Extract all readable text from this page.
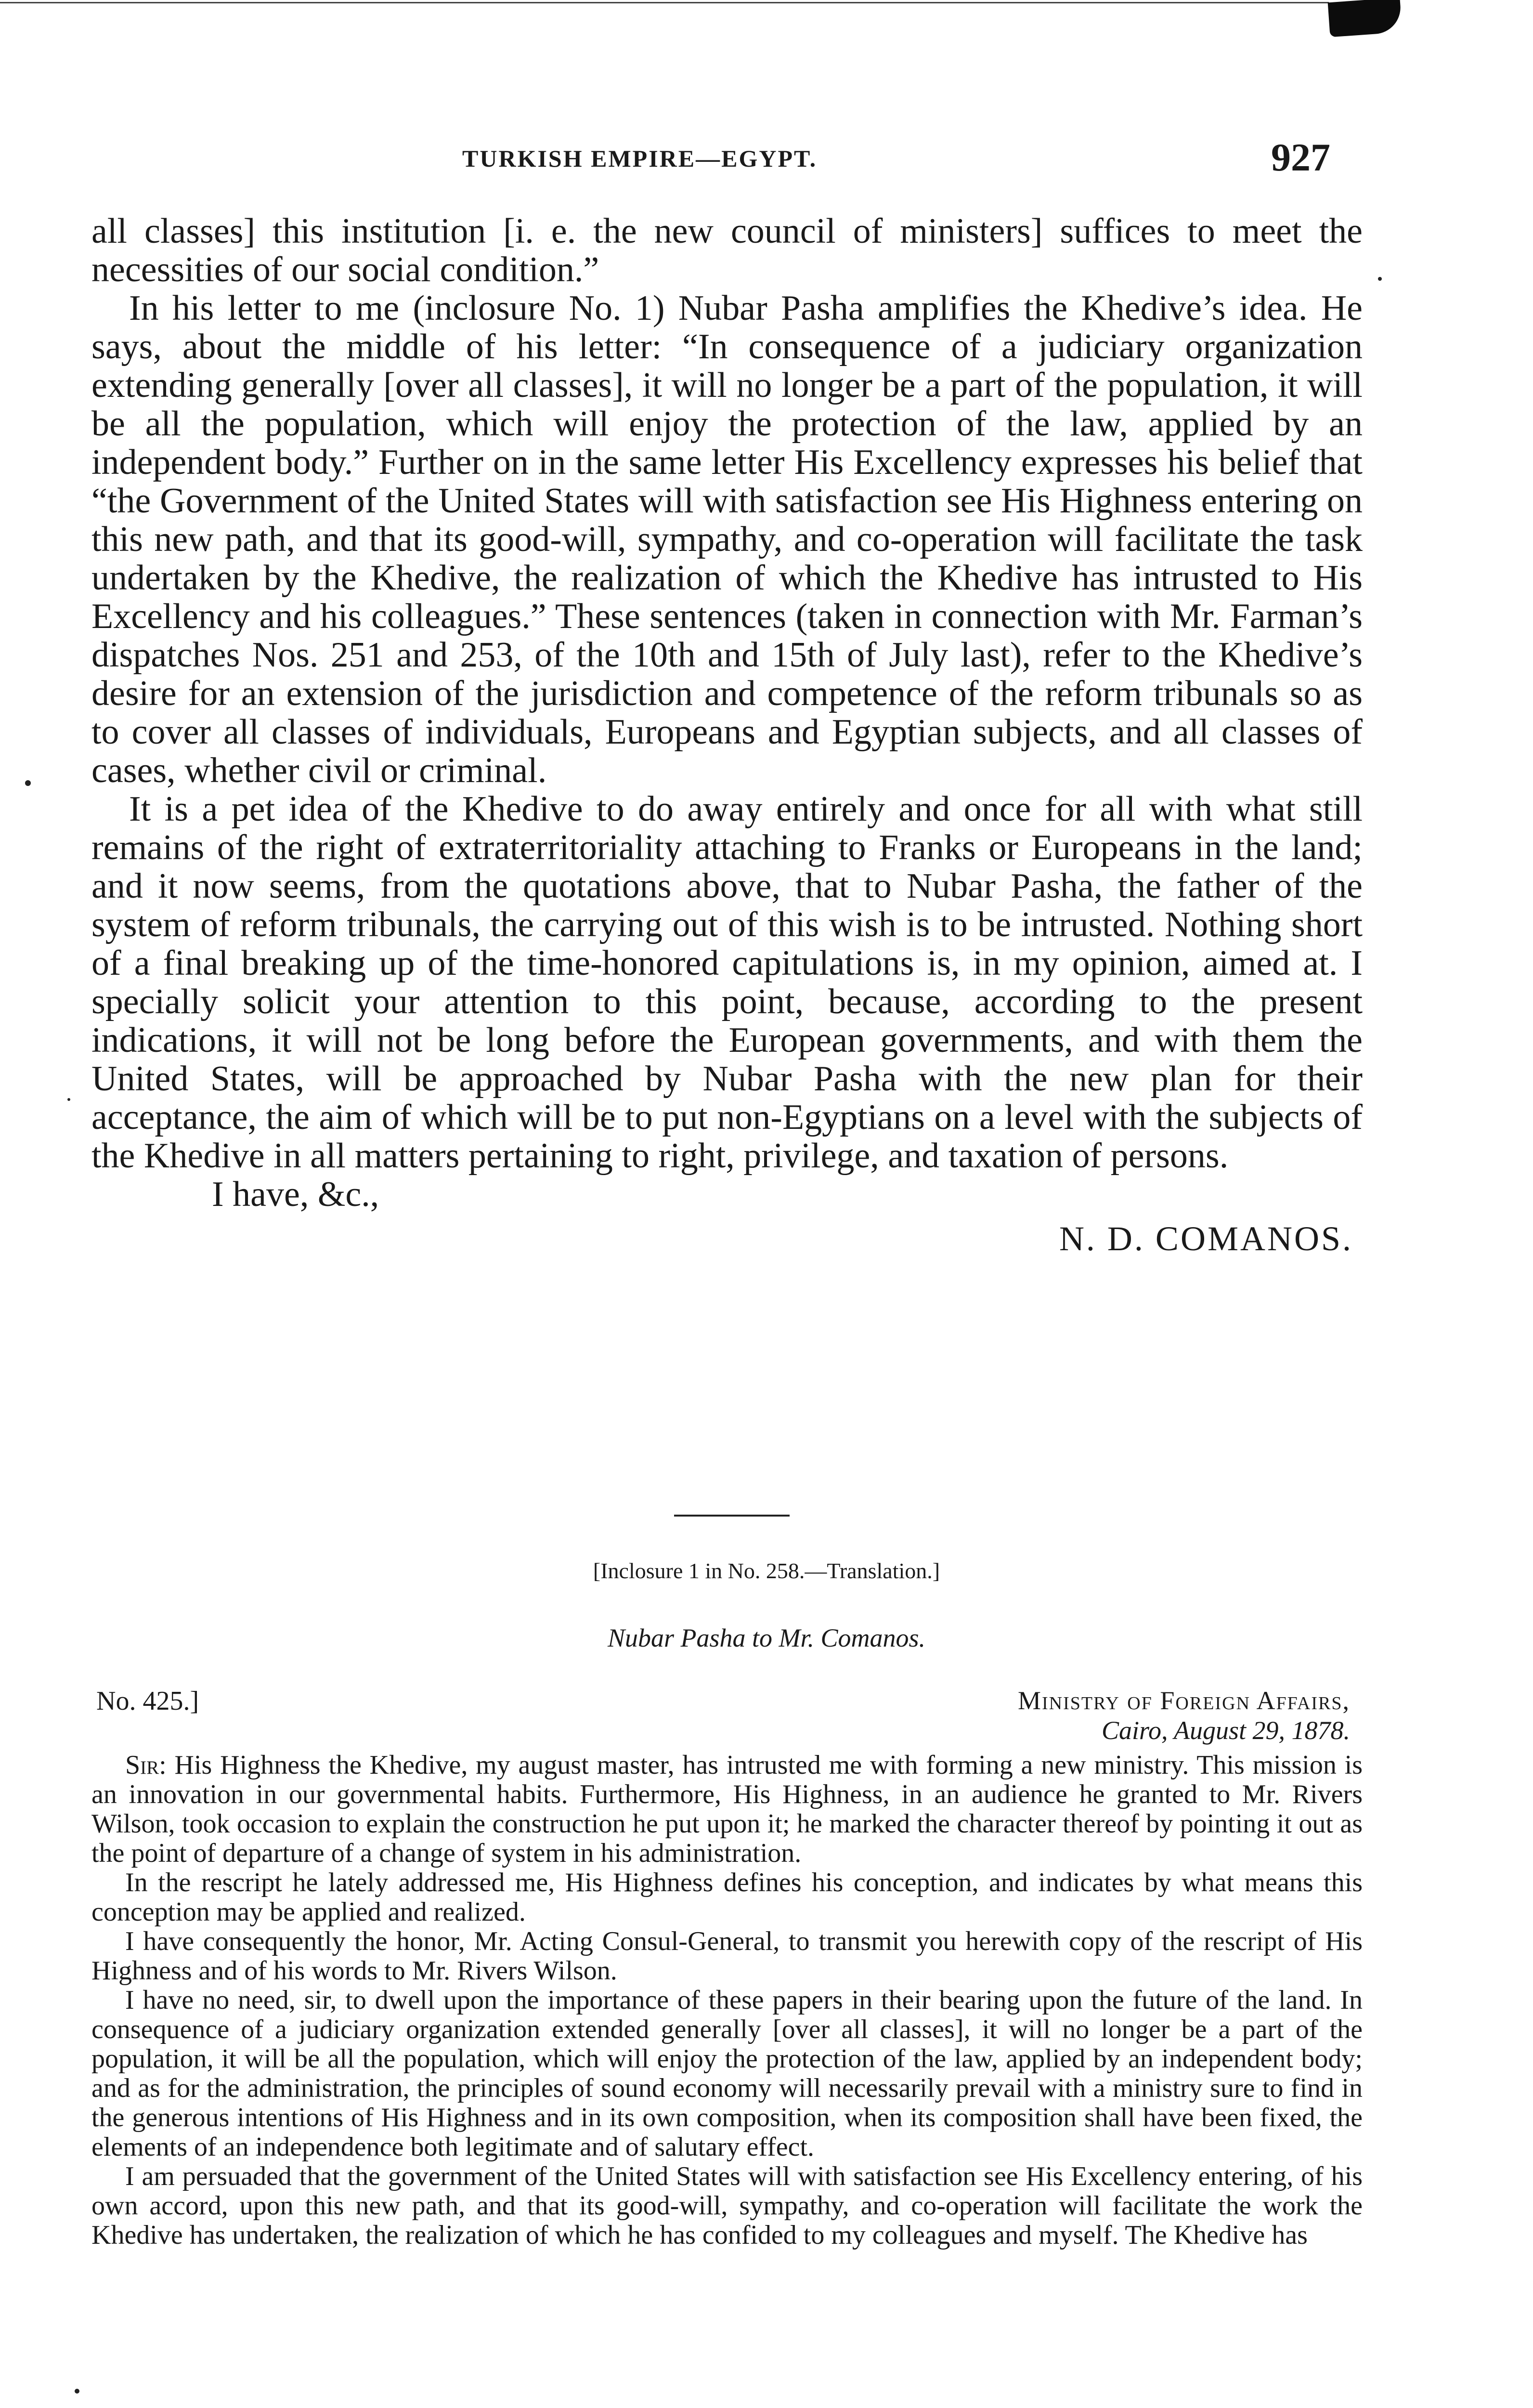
TURKISH EMPIRE—EGYPT.	927

all classes] this institution [i. e. the new council of ministers] suffices to meet the necessities of our social condition.”

In his letter to me (inclosure No. 1) Nubar Pasha amplifies the Khedive’s idea. He says, about the middle of his letter: “In consequence of a judiciary organization extending generally [over all classes], it will no longer be a part of the population, it will be all the population, which will enjoy the protection of the law, applied by an independent body.” Further on in the same letter His Excellency expresses his belief that “the Government of the United States will with satisfaction see His Highness entering on this new path, and that its good-will, sympathy, and co-operation will facilitate the task undertaken by the Khedive, the realization of which the Khedive has intrusted to His Excellency and his colleagues.” These sentences (taken in connection with Mr. Farman’s dispatches Nos. 251 and 253, of the 10th and 15th of July last), refer to the Khedive’s desire for an extension of the jurisdiction and competence of the reform tribunals so as to cover all classes of individuals, Europeans and Egyptian subjects, and all classes of cases, whether civil or criminal.

It is a pet idea of the Khedive to do away entirely and once for all with what still remains of the right of extraterritoriality attaching to Franks or Europeans in the land; and it now seems, from the quotations above, that to Nubar Pasha, the father of the system of reform tribunals, the carrying out of this wish is to be intrusted. Nothing short of a final breaking up of the time-honored capitulations is, in my opinion, aimed at. I specially solicit your attention to this point, because, according to the present indications, it will not be long before the European governments, and with them the United States, will be approached by Nubar Pasha with the new plan for their acceptance, the aim of which will be to put non-Egyptians on a level with the subjects of the Khedive in all matters pertaining to right, privilege, and taxation of persons.

I have, &c.,

N. D. COMANOS.
[Inclosure 1 in No. 258.—Translation.]
Nubar Pasha to Mr. Comanos.
No. 425.]	Ministry of Foreign Affairs,
Cairo, August 29, 1878.

Sir: His Highness the Khedive, my august master, has intrusted me with forming a new ministry. This mission is an innovation in our governmental habits. Furthermore, His Highness, in an audience he granted to Mr. Rivers Wilson, took occasion to explain the construction he put upon it; he marked the character thereof by pointing it out as the point of departure of a change of system in his administration.

In the rescript he lately addressed me, His Highness defines his conception, and indicates by what means this conception may be applied and realized.

I have consequently the honor, Mr. Acting Consul-General, to transmit you herewith copy of the rescript of His Highness and of his words to Mr. Rivers Wilson.

I have no need, sir, to dwell upon the importance of these papers in their bearing upon the future of the land. In consequence of a judiciary organization extended generally [over all classes], it will no longer be a part of the population, it will be all the population, which will enjoy the protection of the law, applied by an independent body; and as for the administration, the principles of sound economy will necessarily prevail with a ministry sure to find in the generous intentions of His Highness and in its own composition, when its composition shall have been fixed, the elements of an independence both legitimate and of salutary effect.

I am persuaded that the government of the United States will with satisfaction see His Excellency entering, of his own accord, upon this new path, and that its good-will, sympathy, and co-operation will facilitate the work the Khedive has undertaken, the realization of which he has confided to my colleagues and myself. The Khedive has
